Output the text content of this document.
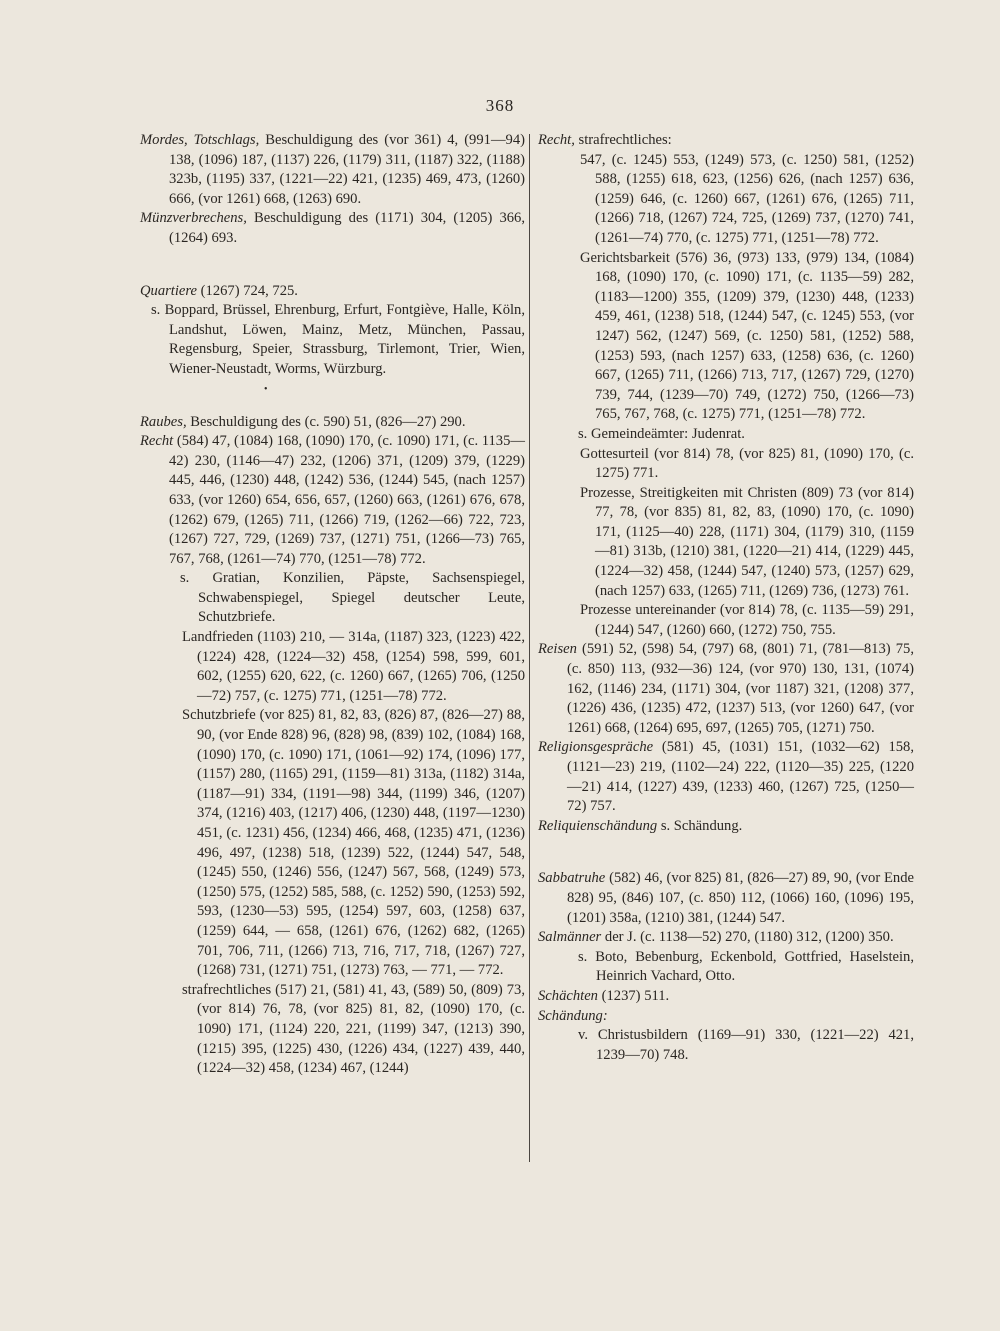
368

Mordes, Totschlags, Beschuldigung des (vor 361) 4, (991—94) 138, (1096) 187, (1137) 226, (1179) 311, (1187) 322, (1188) 323b, (1195) 337, (1221—22) 421, (1235) 469, 473, (1260) 666, (vor 1261) 668, (1263) 690.

Münzverbrechens, Beschuldigung des (1171) 304, (1205) 366, (1264) 693.

Quartiere (1267) 724, 725.

s. Boppard, Brüssel, Ehrenburg, Erfurt, Fontgiève, Halle, Köln, Landshut, Löwen, Mainz, Metz, München, Passau, Regensburg, Speier, Strassburg, Tirlemont, Trier, Wien, Wiener-Neustadt, Worms, Würzburg.

•

Raubes, Beschuldigung des (c. 590) 51, (826—27) 290.

Recht (584) 47, (1084) 168, (1090) 170, (c. 1090) 171, (c. 1135—42) 230, (1146—47) 232, (1206) 371, (1209) 379, (1229) 445, 446, (1230) 448, (1242) 536, (1244) 545, (nach 1257) 633, (vor 1260) 654, 656, 657, (1260) 663, (1261) 676, 678, (1262) 679, (1265) 711, (1266) 719, (1262—66) 722, 723, (1267) 727, 729, (1269) 737, (1271) 751, (1266—73) 765, 767, 768, (1261—74) 770, (1251—78) 772.

s. Gratian, Konzilien, Päpste, Sachsenspiegel, Schwabenspiegel, Spiegel deutscher Leute, Schutzbriefe.

Landfrieden (1103) 210, — 314a, (1187) 323, (1223) 422, (1224) 428, (1224—32) 458, (1254) 598, 599, 601, 602, (1255) 620, 622, (c. 1260) 667, (1265) 706, (1250—72) 757, (c. 1275) 771, (1251—78) 772.

Schutzbriefe (vor 825) 81, 82, 83, (826) 87, (826—27) 88, 90, (vor Ende 828) 96, (828) 98, (839) 102, (1084) 168, (1090) 170, (c. 1090) 171, (1061—92) 174, (1096) 177, (1157) 280, (1165) 291, (1159—81) 313a, (1182) 314a, (1187—91) 334, (1191—98) 344, (1199) 346, (1207) 374, (1216) 403, (1217) 406, (1230) 448, (1197—1230) 451, (c. 1231) 456, (1234) 466, 468, (1235) 471, (1236) 496, 497, (1238) 518, (1239) 522, (1244) 547, 548, (1245) 550, (1246) 556, (1247) 567, 568, (1249) 573, (1250) 575, (1252) 585, 588, (c. 1252) 590, (1253) 592, 593, (1230—53) 595, (1254) 597, 603, (1258) 637, (1259) 644, — 658, (1261) 676, (1262) 682, (1265) 701, 706, 711, (1266) 713, 716, 717, 718, (1267) 727, (1268) 731, (1271) 751, (1273) 763, — 771, — 772.

strafrechtliches (517) 21, (581) 41, 43, (589) 50, (809) 73, (vor 814) 76, 78, (vor 825) 81, 82, (1090) 170, (c. 1090) 171, (1124) 220, 221, (1199) 347, (1213) 390, (1215) 395, (1225) 430, (1226) 434, (1227) 439, 440, (1224—32) 458, (1234) 467, (1244)

Recht, strafrechtliches:

547, (c. 1245) 553, (1249) 573, (c. 1250) 581, (1252) 588, (1255) 618, 623, (1256) 626, (nach 1257) 636, (1259) 646, (c. 1260) 667, (1261) 676, (1265) 711, (1266) 718, (1267) 724, 725, (1269) 737, (1270) 741, (1261—74) 770, (c. 1275) 771, (1251—78) 772.

Gerichtsbarkeit (576) 36, (973) 133, (979) 134, (1084) 168, (1090) 170, (c. 1090) 171, (c. 1135—59) 282, (1183—1200) 355, (1209) 379, (1230) 448, (1233) 459, 461, (1238) 518, (1244) 547, (c. 1245) 553, (vor 1247) 562, (1247) 569, (c. 1250) 581, (1252) 588, (1253) 593, (nach 1257) 633, (1258) 636, (c. 1260) 667, (1265) 711, (1266) 713, 717, (1267) 729, (1270) 739, 744, (1239—70) 749, (1272) 750, (1266—73) 765, 767, 768, (c. 1275) 771, (1251—78) 772.

s. Gemeindeämter: Judenrat.

Gottesurteil (vor 814) 78, (vor 825) 81, (1090) 170, (c. 1275) 771.

Prozesse, Streitigkeiten mit Christen (809) 73 (vor 814) 77, 78, (vor 835) 81, 82, 83, (1090) 170, (c. 1090) 171, (1125—40) 228, (1171) 304, (1179) 310, (1159—81) 313b, (1210) 381, (1220—21) 414, (1229) 445, (1224—32) 458, (1244) 547, (1240) 573, (1257) 629, (nach 1257) 633, (1265) 711, (1269) 736, (1273) 761.

Prozesse untereinander (vor 814) 78, (c. 1135—59) 291, (1244) 547, (1260) 660, (1272) 750, 755.

Reisen (591) 52, (598) 54, (797) 68, (801) 71, (781—813) 75, (c. 850) 113, (932—36) 124, (vor 970) 130, 131, (1074) 162, (1146) 234, (1171) 304, (vor 1187) 321, (1208) 377, (1226) 436, (1235) 472, (1237) 513, (vor 1260) 647, (vor 1261) 668, (1264) 695, 697, (1265) 705, (1271) 750.

Religionsgespräche (581) 45, (1031) 151, (1032—62) 158, (1121—23) 219, (1102—24) 222, (1120—35) 225, (1220—21) 414, (1227) 439, (1233) 460, (1267) 725, (1250—72) 757.

Reliquienschändung s. Schändung.

Sabbatruhe (582) 46, (vor 825) 81, (826—27) 89, 90, (vor Ende 828) 95, (846) 107, (c. 850) 112, (1066) 160, (1096) 195, (1201) 358a, (1210) 381, (1244) 547.

Salmänner der J. (c. 1138—52) 270, (1180) 312, (1200) 350.

s. Boto, Bebenburg, Eckenbold, Gottfried, Haselstein, Heinrich Vachard, Otto.

Schächten (1237) 511.

Schändung:

v. Christusbildern (1169—91) 330, (1221—22) 421, 1239—70) 748.
